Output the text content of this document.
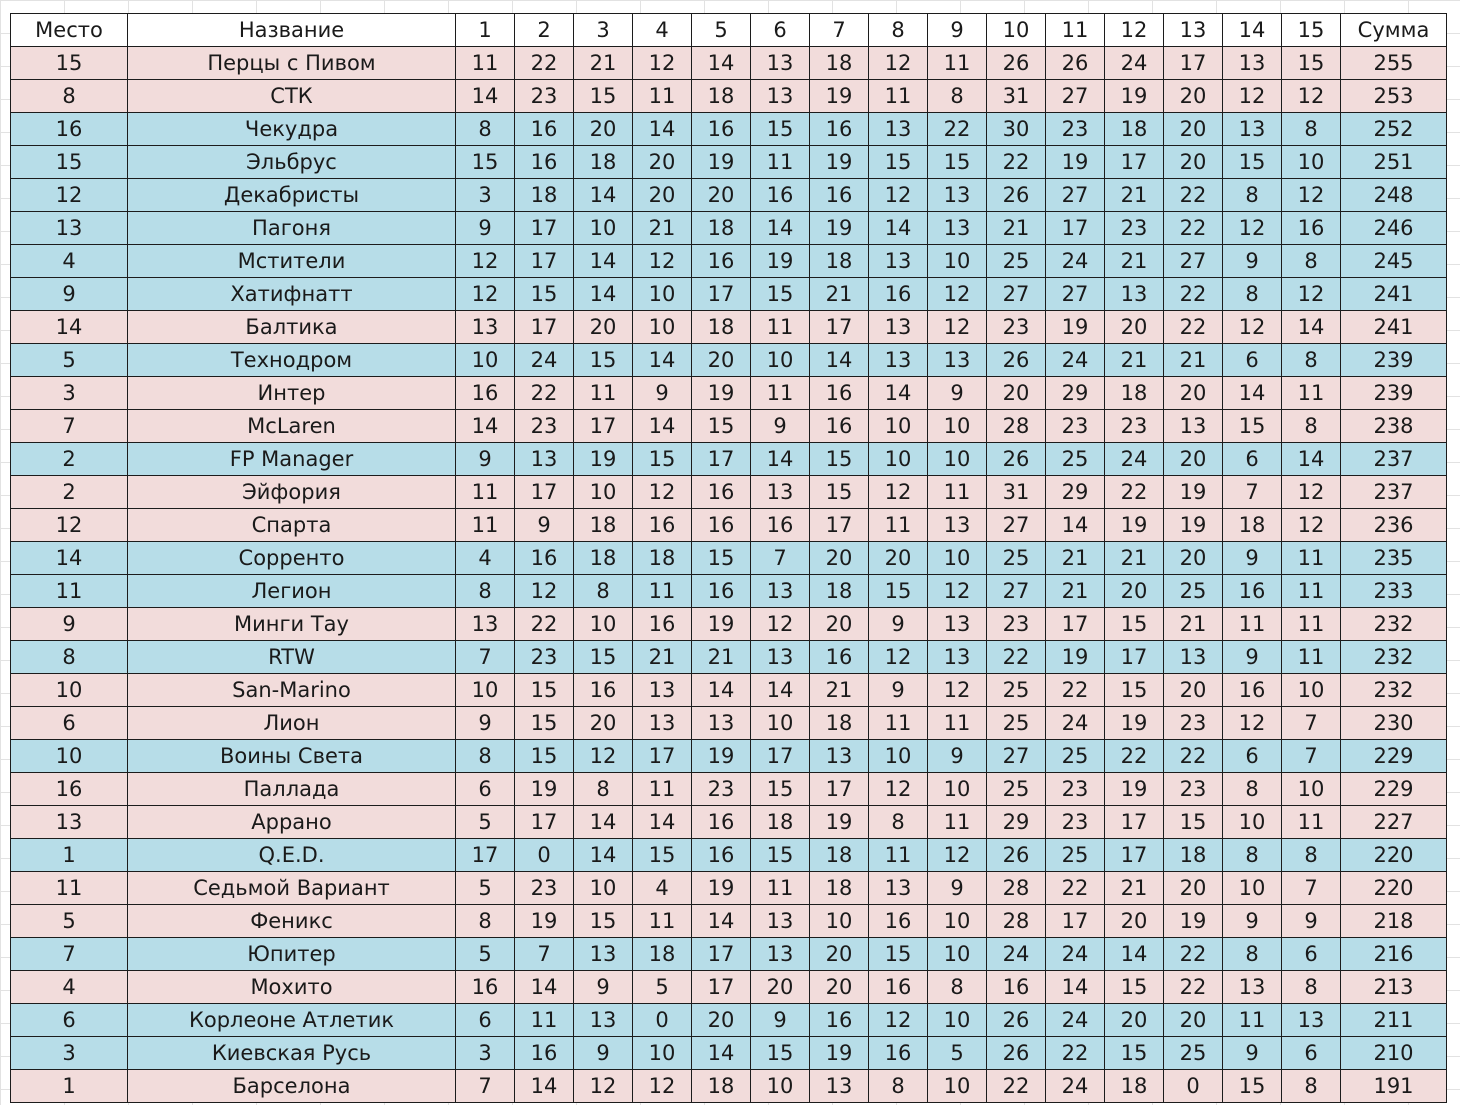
Место	Название	1	2	3	4	5	6	7	8	9	10	11	12	13	14	15	Сумма
15	Перцы с Пивом	11	22	21	12	14	13	18	12	11	26	26	24	17	13	15	255
8	СТК	14	23	15	11	18	13	19	11	8	31	27	19	20	12	12	253
16	Чекудра	8	16	20	14	16	15	16	13	22	30	23	18	20	13	8	252
15	Эльбрус	15	16	18	20	19	11	19	15	15	22	19	17	20	15	10	251
12	Декабристы	3	18	14	20	20	16	16	12	13	26	27	21	22	8	12	248
13	Пагоня	9	17	10	21	18	14	19	14	13	21	17	23	22	12	16	246
4	Мстители	12	17	14	12	16	19	18	13	10	25	24	21	27	9	8	245
9	Хатифнатт	12	15	14	10	17	15	21	16	12	27	27	13	22	8	12	241
14	Балтика	13	17	20	10	18	11	17	13	12	23	19	20	22	12	14	241
5	Технодром	10	24	15	14	20	10	14	13	13	26	24	21	21	6	8	239
3	Интер	16	22	11	9	19	11	16	14	9	20	29	18	20	14	11	239
7	McLaren	14	23	17	14	15	9	16	10	10	28	23	23	13	15	8	238
2	FP Manager	9	13	19	15	17	14	15	10	10	26	25	24	20	6	14	237
2	Эйфория	11	17	10	12	16	13	15	12	11	31	29	22	19	7	12	237
12	Спарта	11	9	18	16	16	16	17	11	13	27	14	19	19	18	12	236
14	Сорренто	4	16	18	18	15	7	20	20	10	25	21	21	20	9	11	235
11	Легион	8	12	8	11	16	13	18	15	12	27	21	20	25	16	11	233
9	Минги Тау	13	22	10	16	19	12	20	9	13	23	17	15	21	11	11	232
8	RTW	7	23	15	21	21	13	16	12	13	22	19	17	13	9	11	232
10	San-Marino	10	15	16	13	14	14	21	9	12	25	22	15	20	16	10	232
6	Лион	9	15	20	13	13	10	18	11	11	25	24	19	23	12	7	230
10	Воины Света	8	15	12	17	19	17	13	10	9	27	25	22	22	6	7	229
16	Паллада	6	19	8	11	23	15	17	12	10	25	23	19	23	8	10	229
13	Аррано	5	17	14	14	16	18	19	8	11	29	23	17	15	10	11	227
1	Q.E.D.	17	0	14	15	16	15	18	11	12	26	25	17	18	8	8	220
11	Седьмой Вариант	5	23	10	4	19	11	18	13	9	28	22	21	20	10	7	220
5	Феникс	8	19	15	11	14	13	10	16	10	28	17	20	19	9	9	218
7	Юпитер	5	7	13	18	17	13	20	15	10	24	24	14	22	8	6	216
4	Мохито	16	14	9	5	17	20	20	16	8	16	14	15	22	13	8	213
6	Корлеоне Атлетик	6	11	13	0	20	9	16	12	10	26	24	20	20	11	13	211
3	Киевская Русь	3	16	9	10	14	15	19	16	5	26	22	15	25	9	6	210
1	Барселона	7	14	12	12	18	10	13	8	10	22	24	18	0	15	8	191
